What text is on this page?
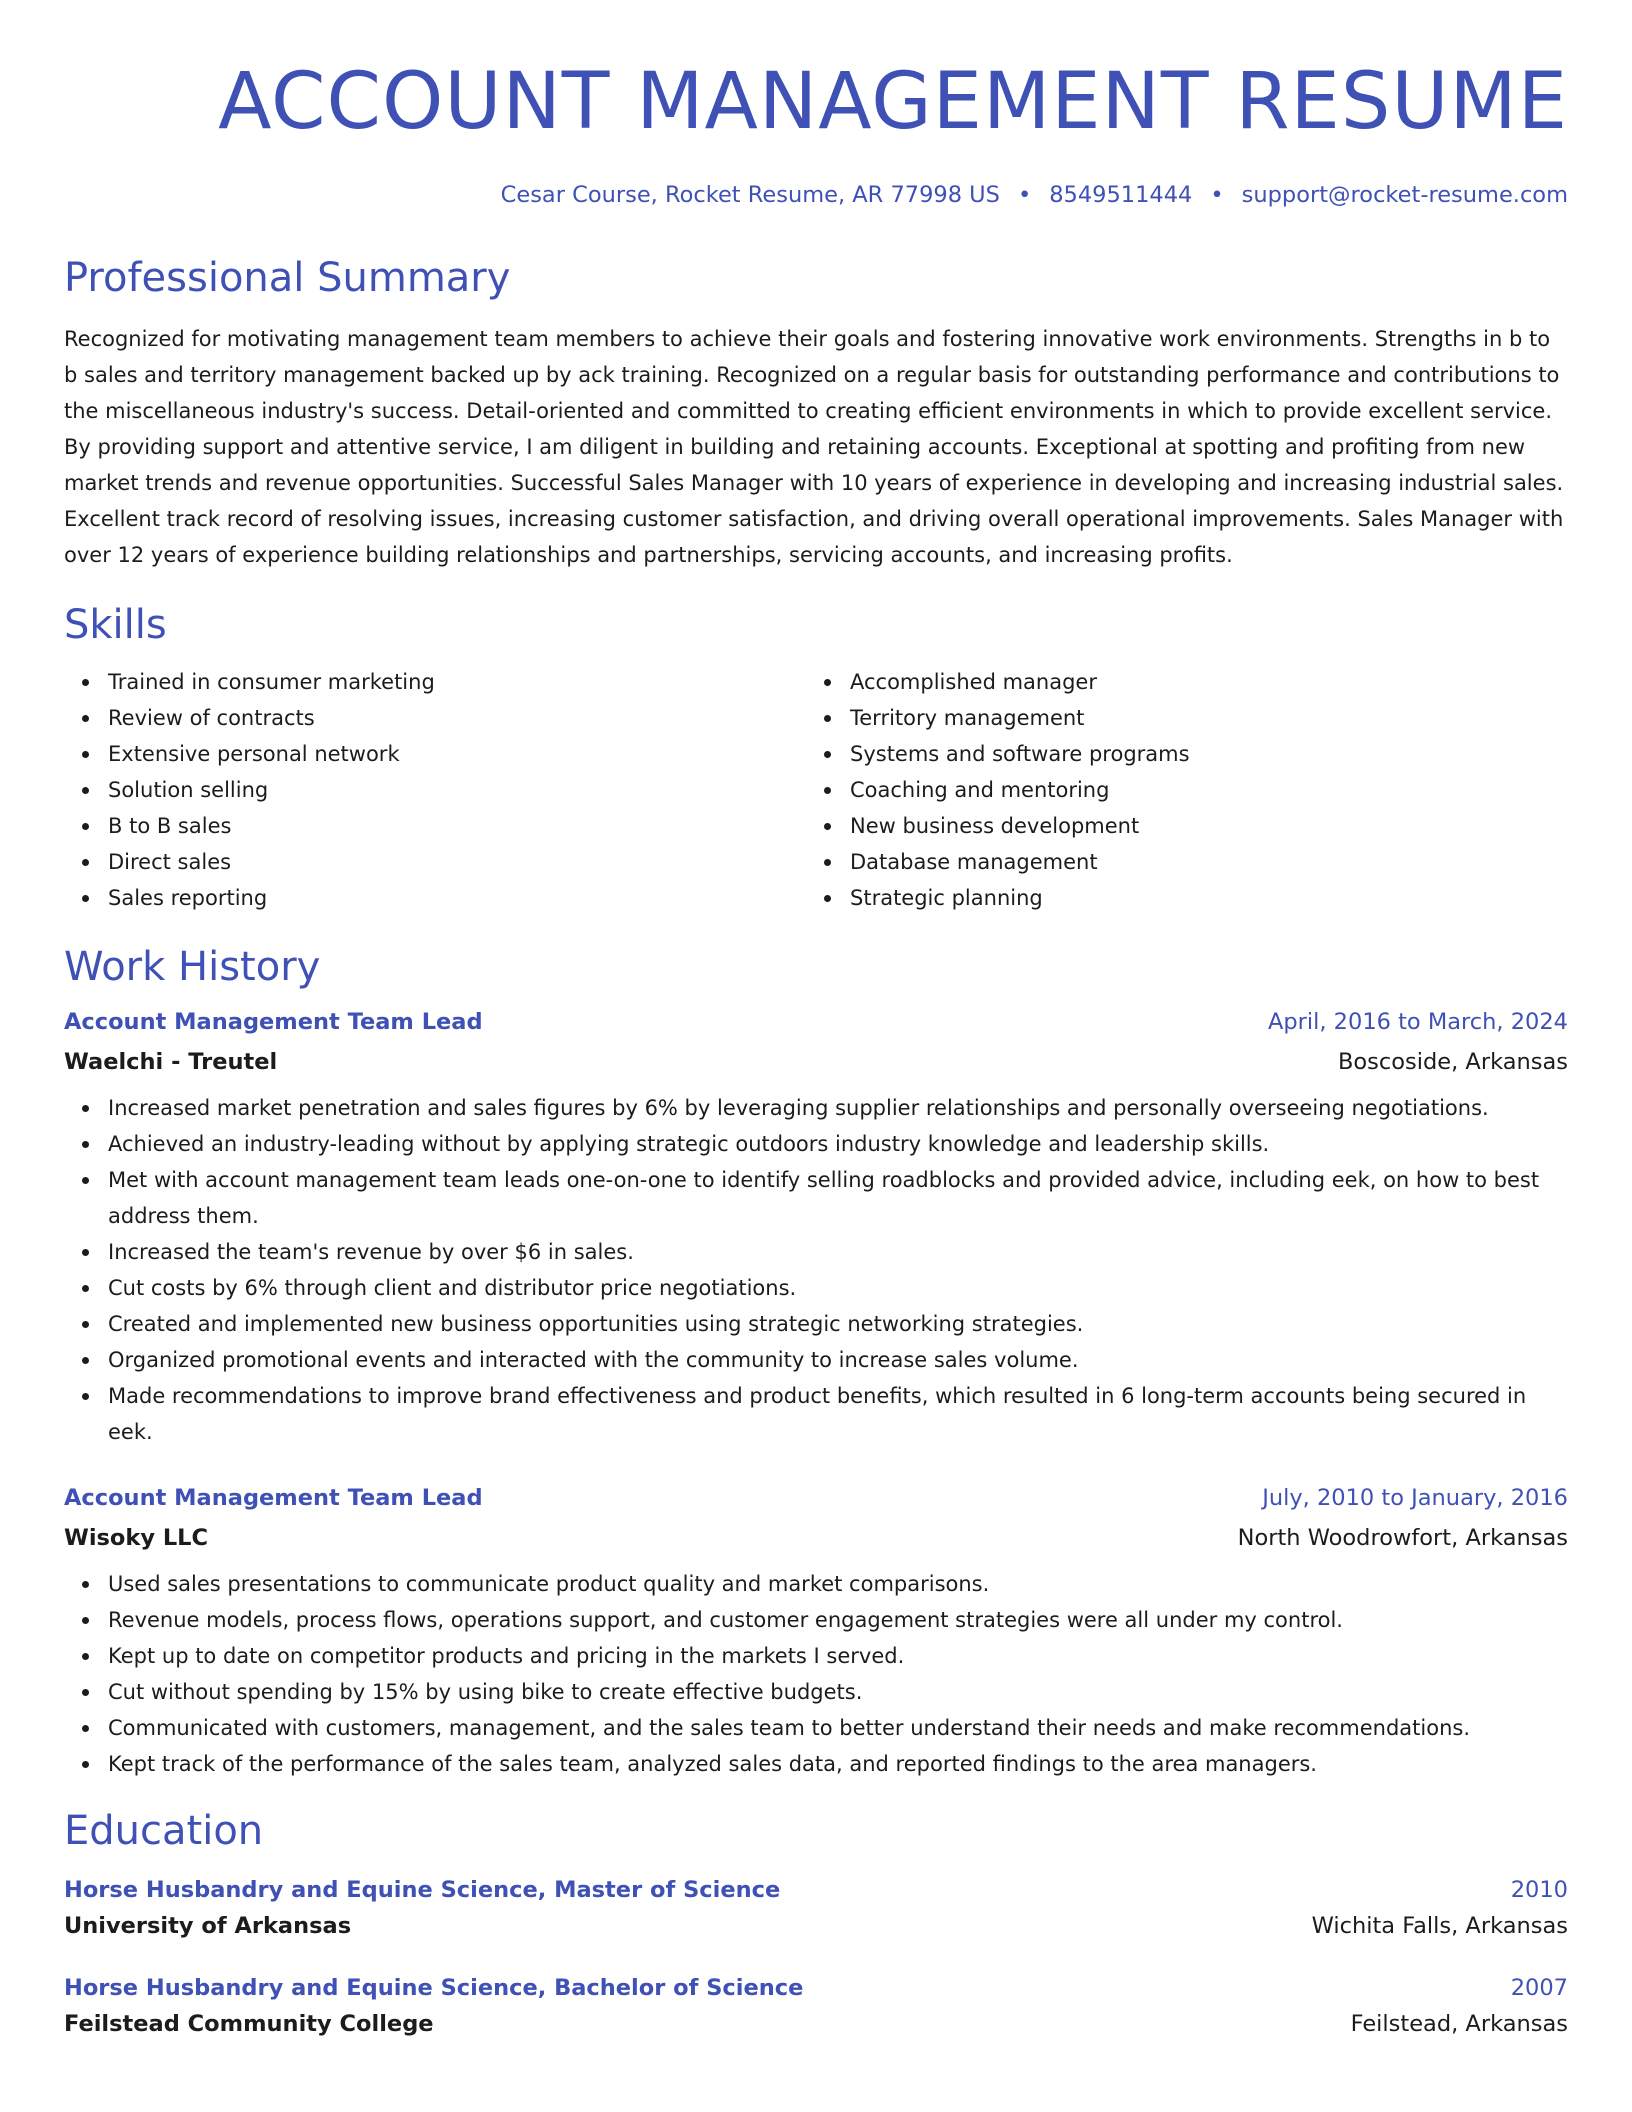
ACCOUNT MANAGEMENT RESUME
Cesar Course, Rocket Resume, AR 77998 US • 8549511444 • support@rocket-resume.com
Professional Summary

Recognized for motivating management team members to achieve their goals and fostering innovative work environments. Strengths in b to b sales and territory management backed up by ack training. Recognized on a regular basis for outstanding performance and contributions to the miscellaneous industry's success. Detail-oriented and committed to creating efficient environments in which to provide excellent service. By providing support and attentive service, I am diligent in building and retaining accounts. Exceptional at spotting and profiting from new market trends and revenue opportunities. Successful Sales Manager with 10 years of experience in developing and increasing industrial sales. Excellent track record of resolving issues, increasing customer satisfaction, and driving overall operational improvements. Sales Manager with over 12 years of experience building relationships and partnerships, servicing accounts, and increasing profits.

Skills
Trained in consumer marketing
Review of contracts
Extensive personal network
Solution selling
B to B sales
Direct sales
Sales reporting
Accomplished manager
Territory management
Systems and software programs
Coaching and mentoring
New business development
Database management
Strategic planning
Work History
Account Management Team Lead	April, 2016 to March, 2024
Waelchi - Treutel	Boscoside, Arkansas
Increased market penetration and sales figures by 6% by leveraging supplier relationships and personally overseeing negotiations.
Achieved an industry-leading without by applying strategic outdoors industry knowledge and leadership skills.
Met with account management team leads one-on-one to identify selling roadblocks and provided advice, including eek, on how to best address them.
Increased the team's revenue by over $6 in sales.
Cut costs by 6% through client and distributor price negotiations.
Created and implemented new business opportunities using strategic networking strategies.
Organized promotional events and interacted with the community to increase sales volume.
Made recommendations to improve brand effectiveness and product benefits, which resulted in 6 long-term accounts being secured in eek.
Account Management Team Lead	July, 2010 to January, 2016
Wisoky LLC	North Woodrowfort, Arkansas
Used sales presentations to communicate product quality and market comparisons.
Revenue models, process flows, operations support, and customer engagement strategies were all under my control.
Kept up to date on competitor products and pricing in the markets I served.
Cut without spending by 15% by using bike to create effective budgets.
Communicated with customers, management, and the sales team to better understand their needs and make recommendations.
Kept track of the performance of the sales team, analyzed sales data, and reported findings to the area managers.
Education
Horse Husbandry and Equine Science, Master of Science	2010
University of Arkansas	Wichita Falls, Arkansas
Horse Husbandry and Equine Science, Bachelor of Science	2007
Feilstead Community College	Feilstead, Arkansas
